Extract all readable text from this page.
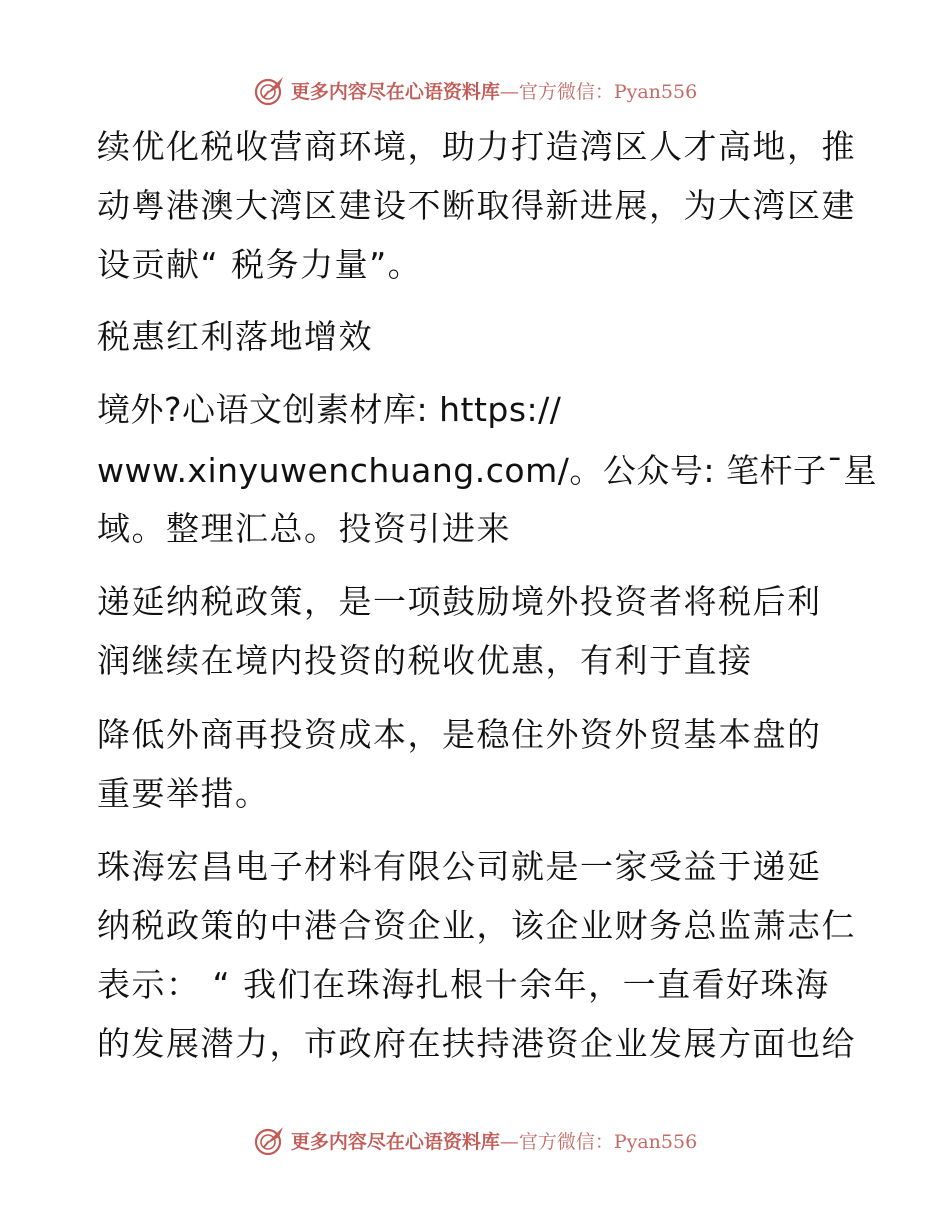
更多内容尽在心语资料库—官方微信：Pyan556
续优化税收营商环境，助力打造湾区人才高地，推
动粤港澳大湾区建设不断取得新进展，为大湾区建
设贡献“ 税务力量”。
税惠红利落地增效
境外?心语文创素材库: https://
www.xinyuwenchuang.com/。公众号: 笔杆子¯星
域。整理汇总。投资引进来
递延纳税政策，是一项鼓励境外投资者将税后利
润继续在境内投资的税收优惠，有利于直接
降低外商再投资成本，是稳住外资外贸基本盘的
重要举措。
珠海宏昌电子材料有限公司就是一家受益于递延
纳税政策的中港合资企业，该企业财务总监萧志仁
表示： “ 我们在珠海扎根十余年，一直看好珠海
的发展潜力，市政府在扶持港资企业发展方面也给
更多内容尽在心语资料库—官方微信：Pyan556
